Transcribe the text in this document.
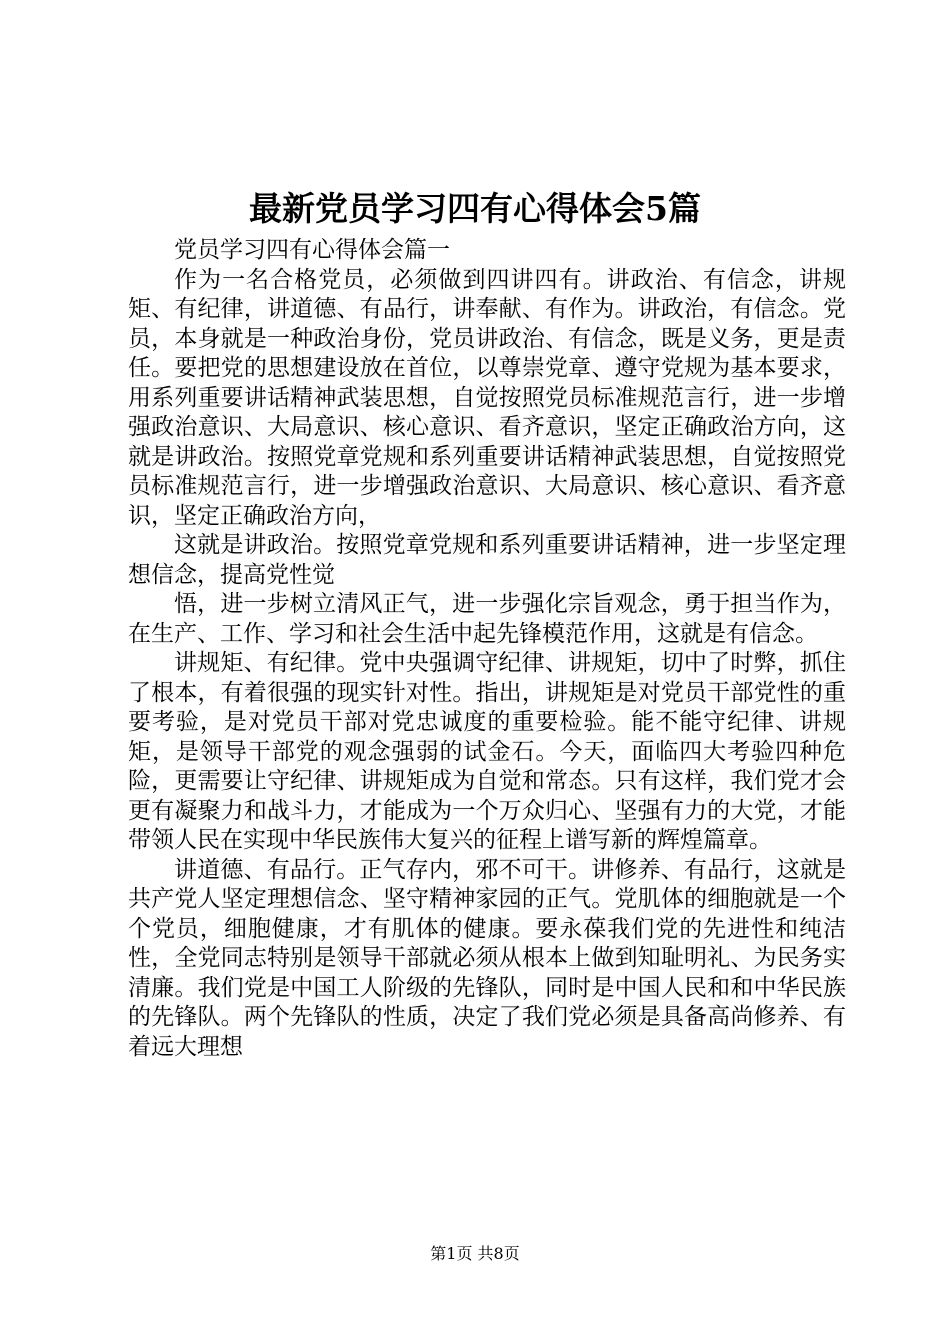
最新党员学习四有心得体会5篇

党员学习四有心得体会篇一

作为一名合格党员，必须做到四讲四有。讲政治、有信念，讲规矩、有纪律，讲道德、有品行，讲奉献、有作为。讲政治，有信念。党员，本身就是一种政治身份，党员讲政治、有信念，既是义务，更是责任。要把党的思想建设放在首位，以尊崇党章、遵守党规为基本要求，用系列重要讲话精神武装思想，自觉按照党员标准规范言行，进一步增强政治意识、大局意识、核心意识、看齐意识，坚定正确政治方向，这就是讲政治。按照党章党规和系列重要讲话精神武装思想，自觉按照党员标准规范言行，进一步增强政治意识、大局意识、核心意识、看齐意识，坚定正确政治方向，

这就是讲政治。按照党章党规和系列重要讲话精神，进一步坚定理想信念，提高党性觉

悟，进一步树立清风正气，进一步强化宗旨观念，勇于担当作为，在生产、工作、学习和社会生活中起先锋模范作用，这就是有信念。

讲规矩、有纪律。党中央强调守纪律、讲规矩，切中了时弊，抓住了根本，有着很强的现实针对性。指出，讲规矩是对党员干部党性的重要考验，是对党员干部对党忠诚度的重要检验。能不能守纪律、讲规矩，是领导干部党的观念强弱的试金石。今天，面临四大考验四种危险，更需要让守纪律、讲规矩成为自觉和常态。只有这样，我们党才会更有凝聚力和战斗力，才能成为一个万众归心、坚强有力的大党，才能带领人民在实现中华民族伟大复兴的征程上谱写新的辉煌篇章。

讲道德、有品行。正气存内，邪不可干。讲修养、有品行，这就是共产党人坚定理想信念、坚守精神家园的正气。党肌体的细胞就是一个个党员，细胞健康，才有肌体的健康。要永葆我们党的先进性和纯洁性，全党同志特别是领导干部就必须从根本上做到知耻明礼、为民务实清廉。我们党是中国工人阶级的先锋队，同时是中国人民和和中华民族的先锋队。两个先锋队的性质，决定了我们党必须是具备高尚修养、有着远大理想

第1页 共8页
